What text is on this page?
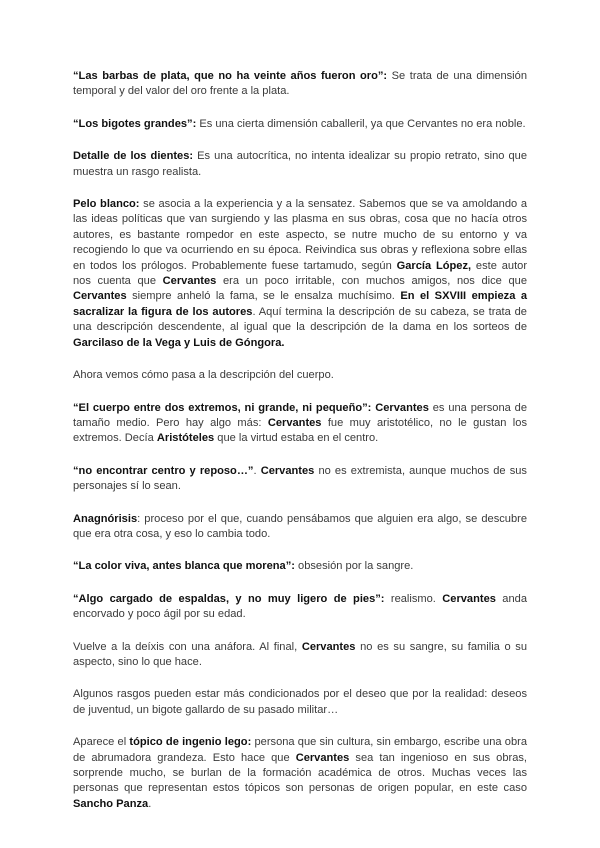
“Las barbas de plata, que no ha veinte años fueron oro”: Se trata de una dimensión temporal y del valor del oro frente a la plata.

“Los bigotes grandes”: Es una cierta dimensión caballeril, ya que Cervantes no era noble.

Detalle de los dientes: Es una autocrítica, no intenta idealizar su propio retrato, sino que muestra un rasgo realista.

Pelo blanco: se asocia a la experiencia y a la sensatez. Sabemos que se va amoldando a las ideas políticas que van surgiendo y las plasma en sus obras, cosa que no hacía otros autores, es bastante rompedor en este aspecto, se nutre mucho de su entorno y va recogiendo lo que va ocurriendo en su época. Reivindica sus obras y reflexiona sobre ellas en todos los prólogos. Probablemente fuese tartamudo, según García López, este autor nos cuenta que Cervantes era un poco irritable, con muchos amigos, nos dice que Cervantes siempre anheló la fama, se le ensalza muchísimo. En el SXVIII empieza a sacralizar la figura de los autores. Aquí termina la descripción de su cabeza, se trata de una descripción descendente, al igual que la descripción de la dama en los sorteos de Garcilaso de la Vega y Luis de Góngora.

Ahora vemos cómo pasa a la descripción del cuerpo.

“El cuerpo entre dos extremos, ni grande, ni pequeño”: Cervantes es una persona de tamaño medio. Pero hay algo más: Cervantes fue muy aristotélico, no le gustan los extremos. Decía Aristóteles que la virtud estaba en el centro.

“no encontrar centro y reposo…”. Cervantes no es extremista, aunque muchos de sus personajes sí lo sean.

Anagnórisis: proceso por el que, cuando pensábamos que alguien era algo, se descubre que era otra cosa, y eso lo cambia todo.

“La color viva, antes blanca que morena”: obsesión por la sangre.

“Algo cargado de espaldas, y no muy ligero de pies”: realismo. Cervantes anda encorvado y poco ágil por su edad.

Vuelve a la deíxis con una anáfora. Al final, Cervantes no es su sangre, su familia o su aspecto, sino lo que hace.

Algunos rasgos pueden estar más condicionados por el deseo que por la realidad: deseos de juventud, un bigote gallardo de su pasado militar…

Aparece el tópico de ingenio lego: persona que sin cultura, sin embargo, escribe una obra de abrumadora grandeza. Esto hace que Cervantes sea tan ingenioso en sus obras, sorprende mucho, se burlan de la formación académica de otros. Muchas veces las personas que representan estos tópicos son personas de origen popular, en este caso Sancho Panza.
